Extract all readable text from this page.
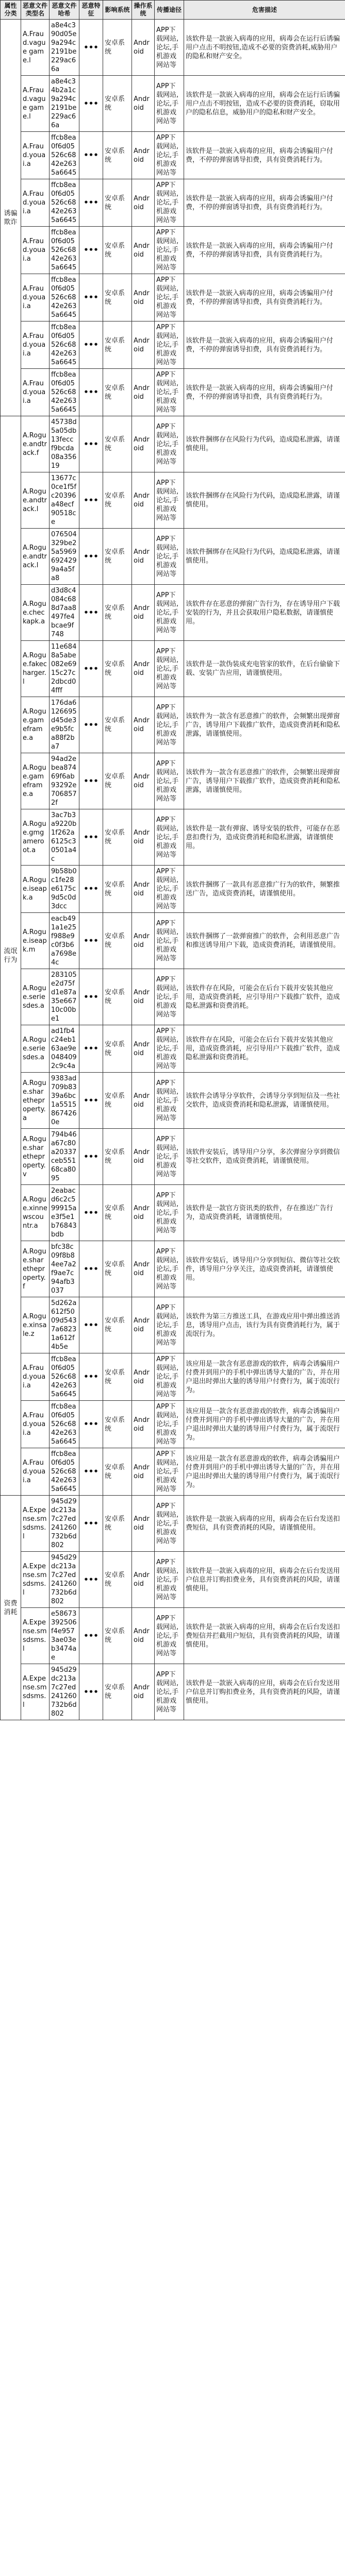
属性分类	恶意文件类型名	恶意文件哈希	恶意特征	影响系统	操作系统	传播途径	危害描述
诱骗欺诈	A.Fraud.vague game.l	a8e4c390d05e9a294c2191be229ac66a	•••	安卓系统	Android	APP下载网站,论坛,手机游戏网站等	该软件是一款嵌入病毒的应用，病毒会在运行后诱骗用户点击不明按钮,造成不必要的资费消耗,威胁用户的隐私和财产安全。
	A.Fraud.vague game.l	a8e4c34b2a1c9a294c2191be229ac66a	•••	安卓系统	Android	APP下载网站,论坛,手机游戏网站等	该软件是一款嵌入病毒的应用，病毒会在运行后诱骗用户点击不明按钮，造成不必要的资费消耗，窃取用户的隐私信息，威胁用户的隐私和财产安全。
	A.Fraud.youai.a	ffcb8ea0f6d05526c6842e2635a6645	•••	安卓系统	Android	APP下载网站,论坛,手机游戏网站等	该软件是一款嵌入病毒的应用，病毒会诱骗用户付费，不停的弹窗诱导扣费，具有资费消耗行为。
	A.Fraud.youai.a	ffcb8ea0f6d05526c6842e2635a6645	•••	安卓系统	Android	APP下载网站,论坛,手机游戏网站等	该软件是一款嵌入病毒的应用，病毒会诱骗用户付费，不停的弹窗诱导扣费，具有资费消耗行为。
	A.Fraud.youai.a	ffcb8ea0f6d05526c6842e2635a6645	•••	安卓系统	Android	APP下载网站,论坛,手机游戏网站等	该软件是一款嵌入病毒的应用，病毒会诱骗用户付费，不停的弹窗诱导扣费，具有资费消耗行为。
	A.Fraud.youai.a	ffcb8ea0f6d05526c6842e2635a6645	•••	安卓系统	Android	APP下载网站,论坛,手机游戏网站等	该软件是一款嵌入病毒的应用，病毒会诱骗用户付费，不停的弹窗诱导扣费，具有资费消耗行为。
	A.Fraud.youai.a	ffcb8ea0f6d05526c6842e2635a6645	•••	安卓系统	Android	APP下载网站,论坛,手机游戏网站等	该软件是一款嵌入病毒的应用，病毒会诱骗用户付费，不停的弹窗诱导扣费，具有资费消耗行为。
	A.Fraud.youai.a	ffcb8ea0f6d05526c6842e2635a6645	•••	安卓系统	Android	APP下载网站,论坛,手机游戏网站等	该软件是一款嵌入病毒的应用，病毒会诱骗用户付费，不停的弹窗诱导扣费，具有资费消耗行为。
流氓行为	A.Rogue.andtrack.f	45738d5a05db13fecc f9bcda08a35619	•••	安卓系统	Android	APP下载网站,论坛,手机游戏网站等	该软件捆绑存在风险行为代码，造成隐私泄露，请谨慎使用。
	A.Rogue.andtrack.l	13677c0ce1f5fc20396a48ecf90518ce	•••	安卓系统	Android	APP下载网站,论坛,手机游戏网站等	该软件捆绑存在风险行为代码，造成隐私泄露，请谨慎使用。
	A.Rogue.andtrack.l	076504329be25a59696924299a4a5fa8	•••	安卓系统	Android	APP下载网站,论坛,手机游戏网站等	该软件捆绑存在风险行为代码，造成隐私泄露，请谨慎使用。
	A.Rogue.checkapk.a	d3d8c4084c688d7aa8497fe4bcae9f748	•••	安卓系统	Android	APP下载网站,论坛,手机游戏网站等	该软件存在恶意的弹窗广告行为，存在诱导用户下载安装的行为，并且会获取用户隐私数据，请谨慎使用。
	A.Rogue.fakecharger.l	11e6848a5abe082e6915c27c2dbcd04fff	•••	安卓系统	Android	APP下载网站,论坛,手机游戏网站等	该软件是一款伪装成充电管家的软件，在后台偷偷下载、安装广告应用，请谨慎使用。
	A.Rogue.gameframe.a	176da6126695d45de3e9b5fca88f2ba7	•••	安卓系统	Android	APP下载网站,论坛,手机游戏网站等	该软件为一款含有恶意推广的软件，会频繁出现弹窗广告，诱导用户下载推广软件，造成资费消耗和隐私泄露，请谨慎使用。
	A.Rogue.gameframe.a	94ad2ebea87469f6ab93292e7068572f	•••	安卓系统	Android	APP下载网站,论坛,手机游戏网站等	该软件为一款含有恶意推广的软件，会频繁出现弹窗广告，诱导用户下载推广软件，造成资费消耗和隐私泄露，请谨慎使用。
	A.Rogue.gmgameroot.a	3ac7b3a9220b1f262a6125c30501a4c	•••	安卓系统	Android	APP下载网站,论坛,手机游戏网站等	该软件是一款有弹窗、诱导安装的软件，可能存在恶意扣费行为，造成资费消耗和隐私泄露，请谨慎使用。
	A.Rogue.iseapk.a	9b58b0c1fe28e6175c9d5c0d3dcc	•••	安卓系统	Android	APP下载网站,论坛,手机游戏网站等	该软件捆绑了一款具有恶意推广行为的软件，频繁推送广告，造成资费消耗，请谨慎使用。
	A.Rogue.iseapk.m	eacb491a1e25f988e9c0f3b6a7698e4c	•••	安卓系统	Android	APP下载网站,论坛,手机游戏网站等	该软件捆绑了一款弹窗推广的软件，会利用恶意广告和推送诱导用户下载，造成资费消耗，请谨慎使用。
	A.Rogue.seriesdes.a	283105e2d75fd1e87a35e66710c00be1	•••	安卓系统	Android	APP下载网站,论坛,手机游戏网站等	该软件存在风险，可能会在后台下载并安装其他应用，造成资费消耗，应引导用户下载推广软件，造成隐私泄露和资费消耗。
	A.Rogue.seriesdes.a	ad1fb4c24eb163ae9e0484092c9c4a	•••	安卓系统	Android	APP下载网站,论坛,手机游戏网站等	该软件存在风险，可能会在后台下载并安装其他应用，造成资费消耗，应引导用户下载推广软件，造成隐私泄露和资费消耗。
	A.Rogue.sharetheproperty.a	9383ad709b8339a6bc1a55158674260e	•••	安卓系统	Android	APP下载网站,论坛,手机游戏网站等	该软件会诱导分享软件，会诱导分享到短信及一些社交软件，造成资费消耗和隐私泄露，请谨慎使用。
	A.Rogue.sharetheproperty.v	794b46a67c80a20337ceb55168ca8095	•••	安卓系统	Android	APP下载网站,论坛,手机游戏网站等	该软件安装后，诱导用户分享，多次弹窗分享到微信等社交软件，造成资费消耗，请谨慎使用。
	A.Rogue.xinnewscountr.a	2eabacd6c2c599915ae3f5e1b76843bdb	•••	安卓系统	Android	APP下载网站,论坛,手机游戏网站等	该软件是一款官方资讯类的软件，存在推送广告行为，造成资费消耗，请谨慎使用。
	A.Rogue.sharetheproperty.f	bfc38c09f8b84ee7a2f9ae7c94afb3037	•••	安卓系统	Android	APP下载网站,论坛,手机游戏网站等	该软件安装后，诱导用户分享到短信、微信等社交软件，诱导用户分享关注，造成资费消耗，请谨慎使用。
	A.Rogue.xinsale.z	5d262a612f5009d5437a68231a612f4b5e	•••	安卓系统	Android	APP下载网站,论坛,手机游戏网站等	该软件为第三方推送工具，在游戏应用中弹出推送消息，诱导用户点击，该行为具有资费消耗行为，属于流氓行为。
	A.Fraud.youai.a	ffcb8ea0f6d05526c6842e2635a6645	•••	安卓系统	Android	APP下载网站,论坛,手机游戏网站等	该应用是一款含有恶意游戏的软件，病毒会诱骗用户付费并到用户的手机中弹出诱导大量的广告，并在用户退出时弹出大量的诱导用户付费行为，属于流氓行为。
	A.Fraud.youai.a	ffcb8ea0f6d05526c6842e2635a6645	•••	安卓系统	Android	APP下载网站,论坛,手机游戏网站等	该应用是一款含有恶意游戏的软件，病毒会诱骗用户付费并到用户的手机中弹出诱导大量的广告，并在用户退出时弹出大量的诱导用户付费行为，属于流氓行为。
	A.Fraud.youai.a	ffcb8ea0f6d05526c6842e2635a6645	•••	安卓系统	Android	APP下载网站,论坛,手机游戏网站等	该应用是一款含有恶意游戏的软件，病毒会诱骗用户付费并到用户的手机中弹出诱导大量的广告，并在用户退出时弹出大量的诱导用户付费行为，属于流氓行为。
资费消耗	A.Expense.smsdsms.l	945d29dc213a7c27ed241260732b6d802	•••	安卓系统	Android	APP下载网站,论坛,手机游戏网站等	该软件是一款嵌入病毒的应用，病毒会在后台发送扣费短信，具有资费消耗的风险，请谨慎使用。
	A.Expense.smsdsms.l	945d29dc213a7c27ed241260732b6d802	•••	安卓系统	Android	APP下载网站,论坛,手机游戏网站等	该软件是一款嵌入病毒的应用，病毒会在后台发送用户信息并订购扣费业务，具有资费消耗的风险，请谨慎使用。
	A.Expense.smsdsms.l	e58673392506f4e9573ae03eb3474ae	•••	安卓系统	Android	APP下载网站,论坛,手机游戏网站等	该软件是一款嵌入病毒的应用，病毒会在后台发送扣费短信并拦截用户短信，具有资费消耗的风险，请谨慎使用。
	A.Expense.smsdsms.l	945d29dc213a7c27ed241260732b6d802	•••	安卓系统	Android	APP下载网站,论坛,手机游戏网站等	该软件是一款嵌入病毒的应用，病毒会在后台发送用户信息并订购扣费业务，具有资费消耗的风险，请谨慎使用。
